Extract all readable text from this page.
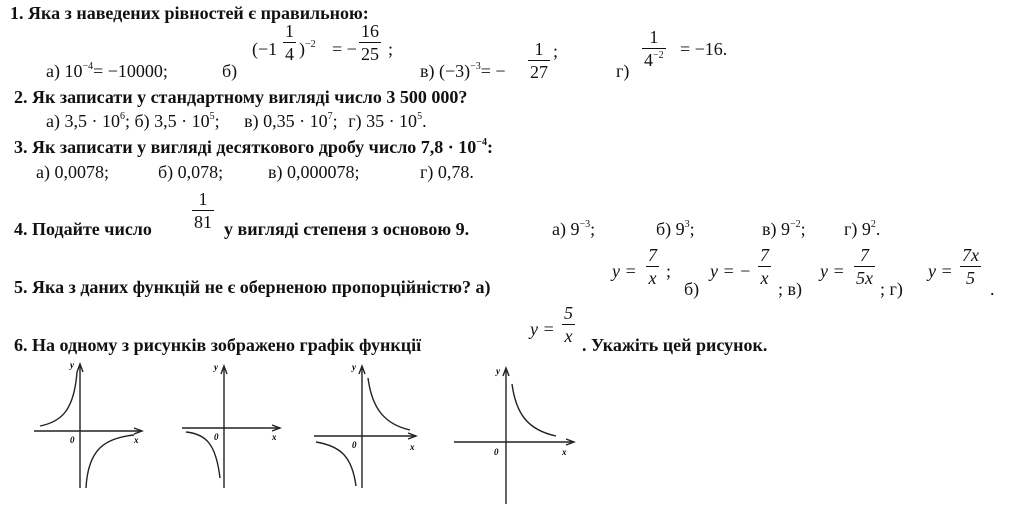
1. Яка з наведених рівностей є правильною:
а) $10^{-4}= -10000$;	б)
(−1
1
4 )$^{-2}$ = −
16
25 ;
в) $(-3)^{-3}=$ −
1
27
;
г)
1
$4^{-2} = -16$.
2. Як записати у стандартному вигляді число 3 500 000?
а) $3,5 \cdot 10^6$; б) $3,5 \cdot 10^5$; в) $0,35 \cdot 10^7$; г) $35 \cdot 10^5$.
3. Як записати у вигляді десяткового дробу число $7,8 \cdot 10^{-4}$:
а) 0,0078;	б) 0,078; в) 0,000078;	г) 0,78.
4. Подайте число
1
81 у вигляді степеня з основою 9.	а) $9^{-3}$;	б) $9^3$;	в) $9^{-2}$; г) $9^2$.
5. Яка з даних функцій не є оберненою пропорційністю? а)
y =
7
x ;
б)
y = −
7
x
; в)
y =
7
5x
; г)
y =
7x
5
.
6. На одному з рисунків зображено графік функції
y =
5
x . Укажіть цей рисунок.
y
0	x
y
0	x
y
0	x
y
0	x
